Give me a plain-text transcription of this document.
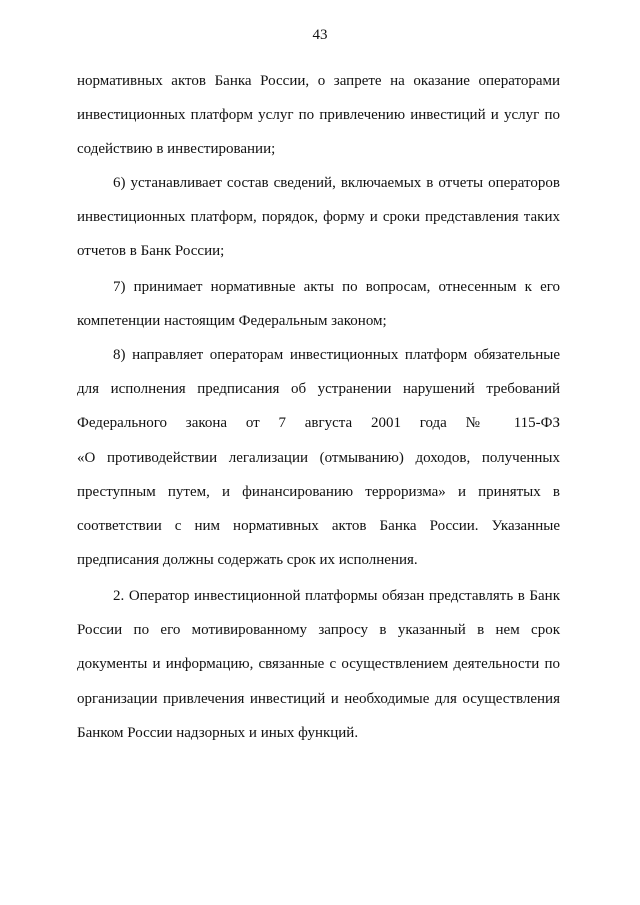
43
нормативных актов Банка России, о запрете на оказание операторами
инвестиционных платформ услуг по привлечению инвестиций и услуг по
содействию в инвестировании;
6) устанавливает состав сведений, включаемых в отчеты операторов
инвестиционных платформ, порядок, форму и сроки представления таких
отчетов в Банк России;
7) принимает нормативные акты по вопросам, отнесенным к его
компетенции настоящим Федеральным законом;
8) направляет операторам инвестиционных платформ обязательные
для исполнения предписания об устранении нарушений требований
Федерального закона от 7 августа 2001 года № 115-ФЗ
«О противодействии легализации (отмыванию) доходов, полученных
преступным путем, и финансированию терроризма» и принятых в
соответствии с ним нормативных актов Банка России. Указанные
предписания должны содержать срок их исполнения.
2. Оператор инвестиционной платформы обязан представлять в Банк
России по его мотивированному запросу в указанный в нем срок
документы и информацию, связанные с осуществлением деятельности по
организации привлечения инвестиций и необходимые для осуществления
Банком России надзорных и иных функций.
